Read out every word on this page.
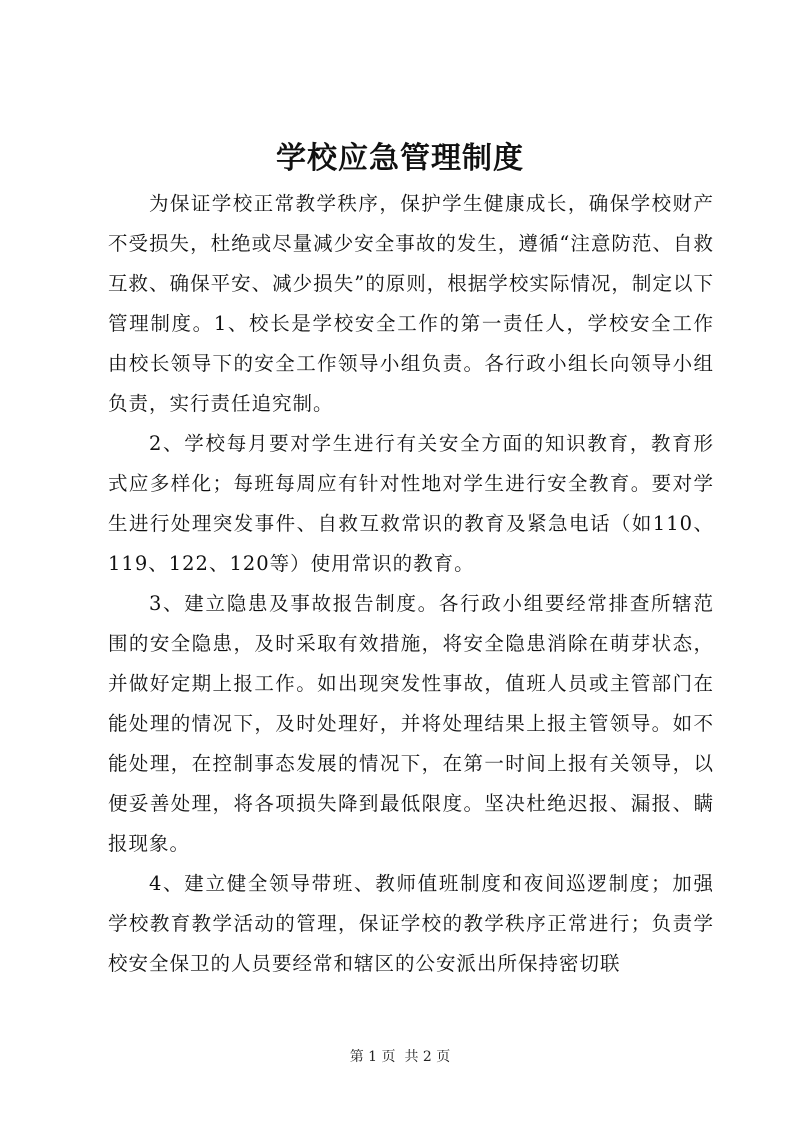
学校应急管理制度

为保证学校正常教学秩序，保护学生健康成长，确保学校财产不受损失，杜绝或尽量减少安全事故的发生，遵循“注意防范、自救互救、确保平安、减少损失”的原则，根据学校实际情况，制定以下管理制度。1、校长是学校安全工作的第一责任人，学校安全工作由校长领导下的安全工作领导小组负责。各行政小组长向领导小组负责，实行责任追究制。

2、学校每月要对学生进行有关安全方面的知识教育，教育形式应多样化；每班每周应有针对性地对学生进行安全教育。要对学生进行处理突发事件、自救互救常识的教育及紧急电话（如110、119、122、120等）使用常识的教育。

3、建立隐患及事故报告制度。各行政小组要经常排查所辖范围的安全隐患，及时采取有效措施，将安全隐患消除在萌芽状态，并做好定期上报工作。如出现突发性事故，值班人员或主管部门在能处理的情况下，及时处理好，并将处理结果上报主管领导。如不能处理，在控制事态发展的情况下，在第一时间上报有关领导，以便妥善处理，将各项损失降到最低限度。坚决杜绝迟报、漏报、瞒报现象。

4、建立健全领导带班、教师值班制度和夜间巡逻制度；加强学校教育教学活动的管理，保证学校的教学秩序正常进行；负责学校安全保卫的人员要经常和辖区的公安派出所保持密切联

第 1 页  共 2 页
